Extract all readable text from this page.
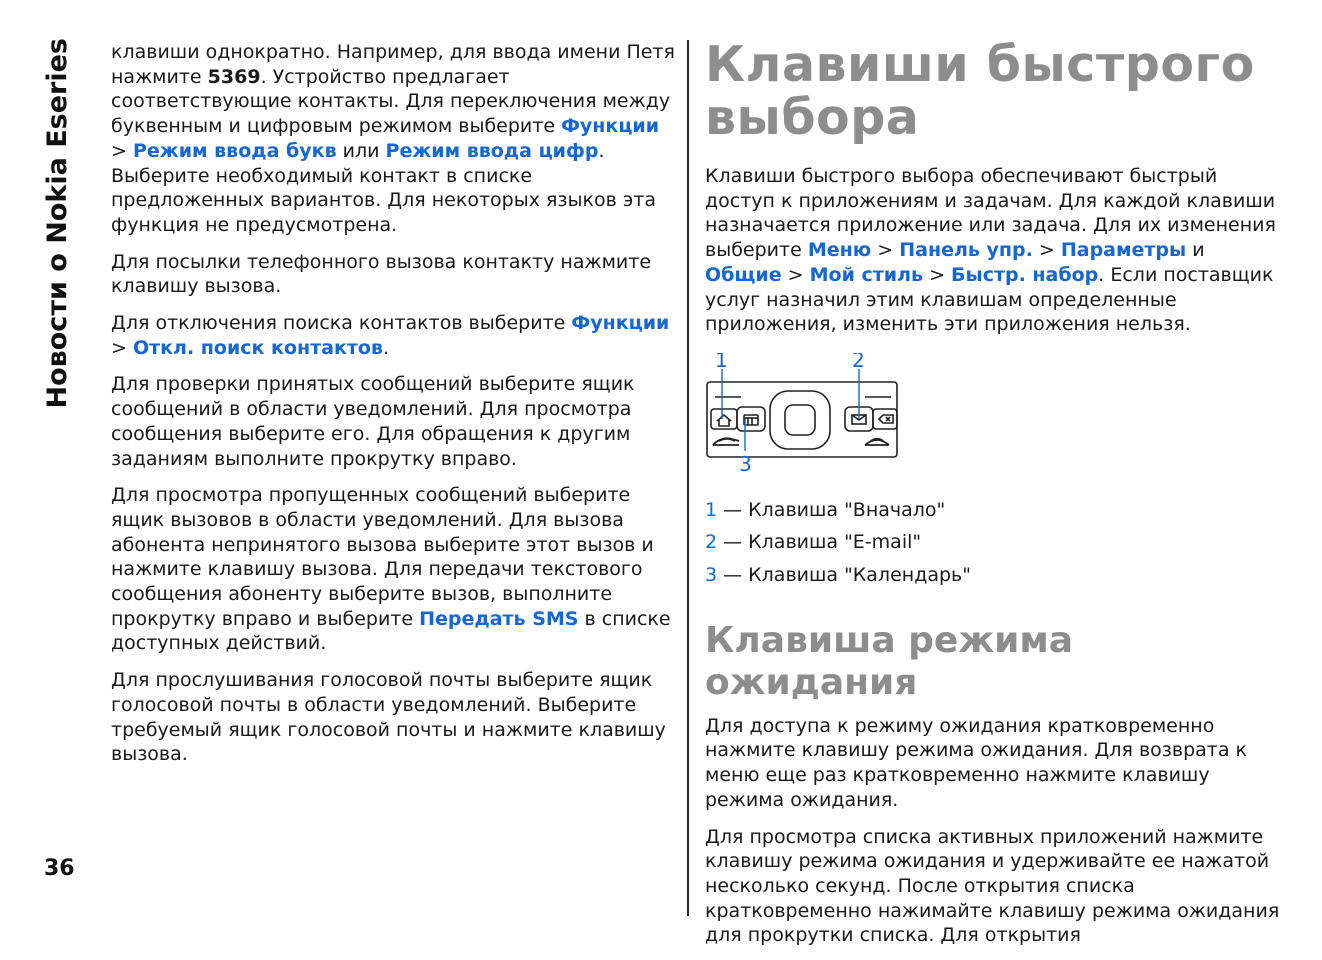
Новости о Nokia Eseries
36

клавиши однократно. Например, для ввода имени Петя нажмите 5369. Устройство предлагает соответствующие контакты. Для переключения между буквенным и цифровым режимом выберите Функции > Режим ввода букв или Режим ввода цифр. Выберите необходимый контакт в списке предложенных вариантов. Для некоторых языков эта функция не предусмотрена.

Для посылки телефонного вызова контакту нажмите клавишу вызова.

Для отключения поиска контактов выберите Функции > Откл. поиск контактов.

Для проверки принятых сообщений выберите ящик сообщений в области уведомлений. Для просмотра сообщения выберите его. Для обращения к другим заданиям выполните прокрутку вправо.

Для просмотра пропущенных сообщений выберите ящик вызовов в области уведомлений. Для вызова абонента непринятого вызова выберите этот вызов и нажмите клавишу вызова. Для передачи текстового сообщения абоненту выберите вызов, выполните прокрутку вправо и выберите Передать SMS в списке доступных действий.

Для прослушивания голосовой почты выберите ящик голосовой почты в области уведомлений. Выберите требуемый ящик голосовой почты и нажмите клавишу вызова.

Клавиши быстрого выбора

Клавиши быстрого выбора обеспечивают быстрый доступ к приложениям и задачам. Для каждой клавиши назначается приложение или задача. Для их изменения выберите Меню > Панель упр. > Параметры и Общие > Мой стиль > Быстр. набор. Если поставщик услуг назначил этим клавишам определенные приложения, изменить эти приложения нельзя.

1	2
3

1 — Клавиша "Вначало"

2 — Клавиша "E-mail"

3 — Клавиша "Календарь"

Клавиша режима ожидания

Для доступа к режиму ожидания кратковременно нажмите клавишу режима ожидания. Для возврата к меню еще раз кратковременно нажмите клавишу режима ожидания.

Для просмотра списка активных приложений нажмите клавишу режима ожидания и удерживайте ее нажатой несколько секунд. После открытия списка кратковременно нажимайте клавишу режима ожидания для прокрутки списка. Для открытия
